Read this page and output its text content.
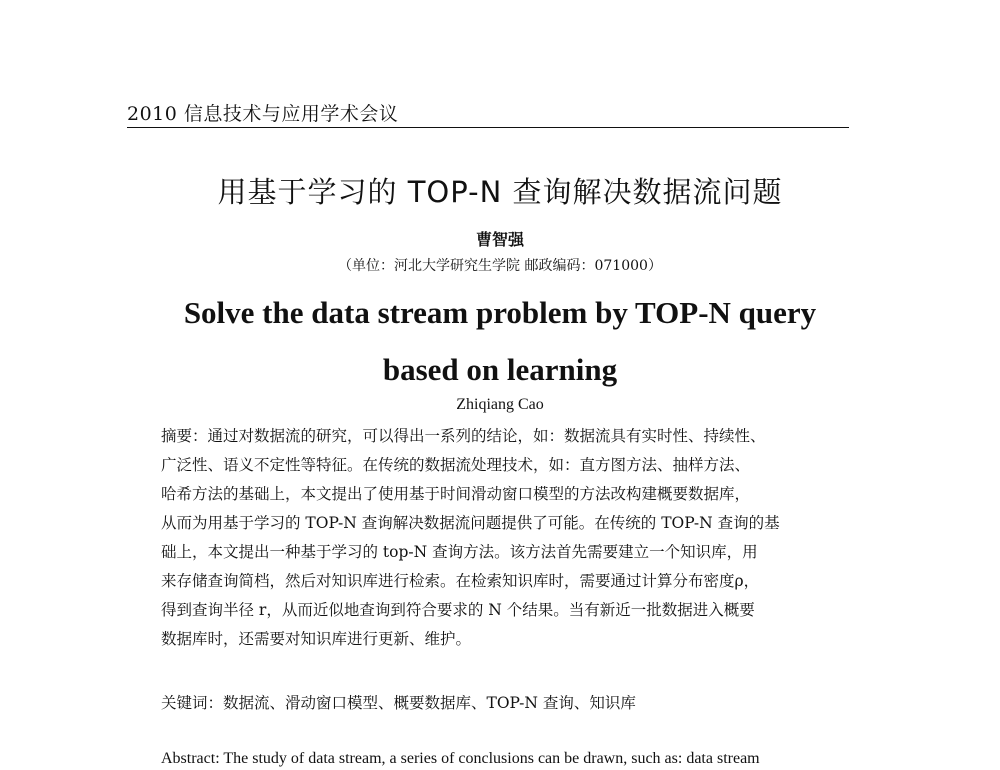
2010 信息技术与应用学术会议
用基于学习的 TOP-N 查询解决数据流问题
曹智强
（单位：河北大学研究生学院 邮政编码：071000）
Solve the data stream problem by TOP-N query
based on learning
Zhiqiang Cao
摘要：通过对数据流的研究，可以得出一系列的结论，如：数据流具有实时性、持续性、
广泛性、语义不定性等特征。在传统的数据流处理技术，如：直方图方法、抽样方法、
哈希方法的基础上，本文提出了使用基于时间滑动窗口模型的方法改构建概要数据库，
从而为用基于学习的 TOP-N 查询解决数据流问题提供了可能。在传统的 TOP-N 查询的基
础上，本文提出一种基于学习的 top-N 查询方法。该方法首先需要建立一个知识库，用
来存储查询简档，然后对知识库进行检索。在检索知识库时，需要通过计算分布密度ρ，
得到查询半径 r，从而近似地查询到符合要求的 N 个结果。当有新近一批数据进入概要
数据库时，还需要对知识库进行更新、维护。
关键词：数据流、滑动窗口模型、概要数据库、TOP-N 查询、知识库
Abstract: The study of data stream, a series of conclusions can be drawn, such as: data stream
